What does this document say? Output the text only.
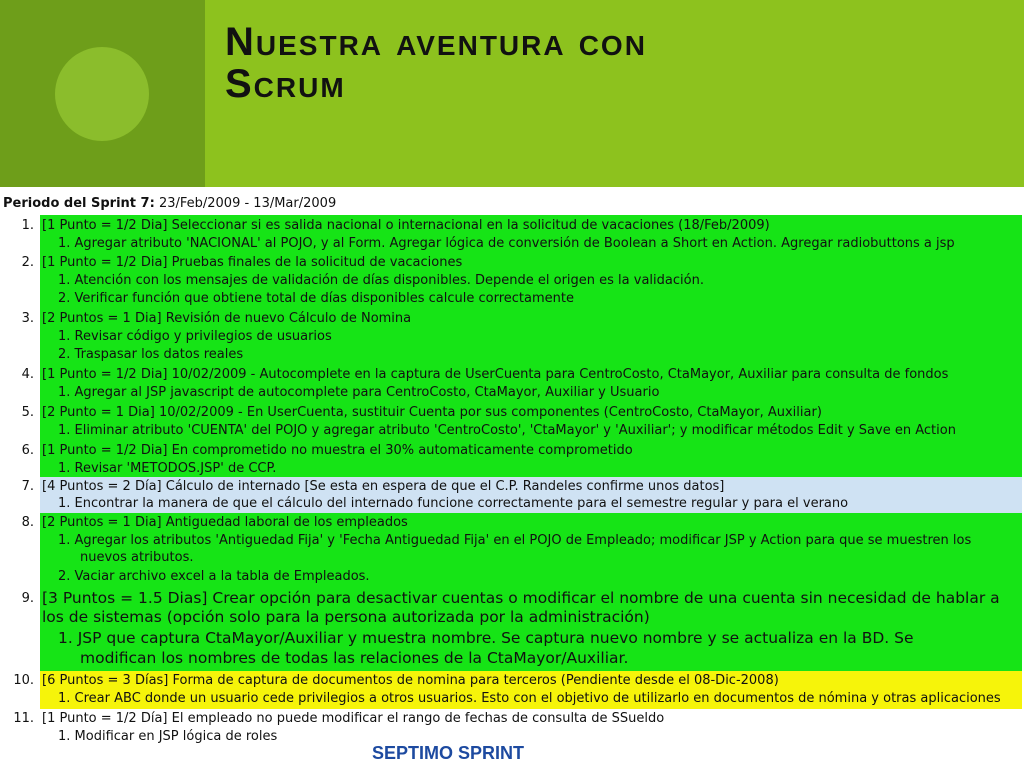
Nuestra aventura con
Scrum
Periodo del Sprint 7: 23/Feb/2009 - 13/Mar/2009
1. [1 Punto = 1/2 Dia] Seleccionar si es salida nacional o internacional en la solicitud de vacaciones (18/Feb/2009)
1. Agregar atributo 'NACIONAL' al POJO, y al Form. Agregar lógica de conversión de Boolean a Short en Action. Agregar radiobuttons a jsp
2. [1 Punto = 1/2 Dia] Pruebas finales de la solicitud de vacaciones
1. Atención con los mensajes de validación de días disponibles. Depende el origen es la validación.
2. Verificar función que obtiene total de días disponibles calcule correctamente
3. [2 Puntos = 1 Dia] Revisión de nuevo Cálculo de Nomina
1. Revisar código y privilegios de usuarios
2. Traspasar los datos reales
4. [1 Punto = 1/2 Dia] 10/02/2009 - Autocomplete en la captura de UserCuenta para CentroCosto, CtaMayor, Auxiliar para consulta de fondos
1. Agregar al JSP javascript de autocomplete para CentroCosto, CtaMayor, Auxiliar y Usuario
5. [2 Punto = 1 Dia] 10/02/2009 - En UserCuenta, sustituir Cuenta por sus componentes (CentroCosto, CtaMayor, Auxiliar)
1. Eliminar atributo 'CUENTA' del POJO y agregar atributo 'CentroCosto', 'CtaMayor' y 'Auxiliar'; y modificar métodos Edit y Save en Action
6. [1 Punto = 1/2 Dia] En comprometido no muestra el 30% automaticamente comprometido
1. Revisar 'METODOS.JSP' de CCP.
7. [4 Puntos = 2 Día] Cálculo de internado [Se esta en espera de que el C.P. Randeles confirme unos datos]
1. Encontrar la manera de que el cálculo del internado funcione correctamente para el semestre regular y para el verano
8. [2 Puntos = 1 Dia] Antiguedad laboral de los empleados
1. Agregar los atributos 'Antiguedad Fija' y 'Fecha Antiguedad Fija' en el POJO de Empleado; modificar JSP y Action para que se muestren los
nuevos atributos.
2. Vaciar archivo excel a la tabla de Empleados.
9. [3 Puntos = 1.5 Dias] Crear opción para desactivar cuentas o modificar el nombre de una cuenta sin necesidad de hablar a
los de sistemas (opción solo para la persona autorizada por la administración)
1. JSP que captura CtaMayor/Auxiliar y muestra nombre. Se captura nuevo nombre y se actualiza en la BD. Se
modifican los nombres de todas las relaciones de la CtaMayor/Auxiliar.
10. [6 Puntos = 3 Días] Forma de captura de documentos de nomina para terceros (Pendiente desde el 08-Dic-2008)
1. Crear ABC donde un usuario cede privilegios a otros usuarios. Esto con el objetivo de utilizarlo en documentos de nómina y otras aplicaciones
11. [1 Punto = 1/2 Día] El empleado no puede modificar el rango de fechas de consulta de SSueldo
1. Modificar en JSP lógica de roles
SEPTIMO SPRINT
